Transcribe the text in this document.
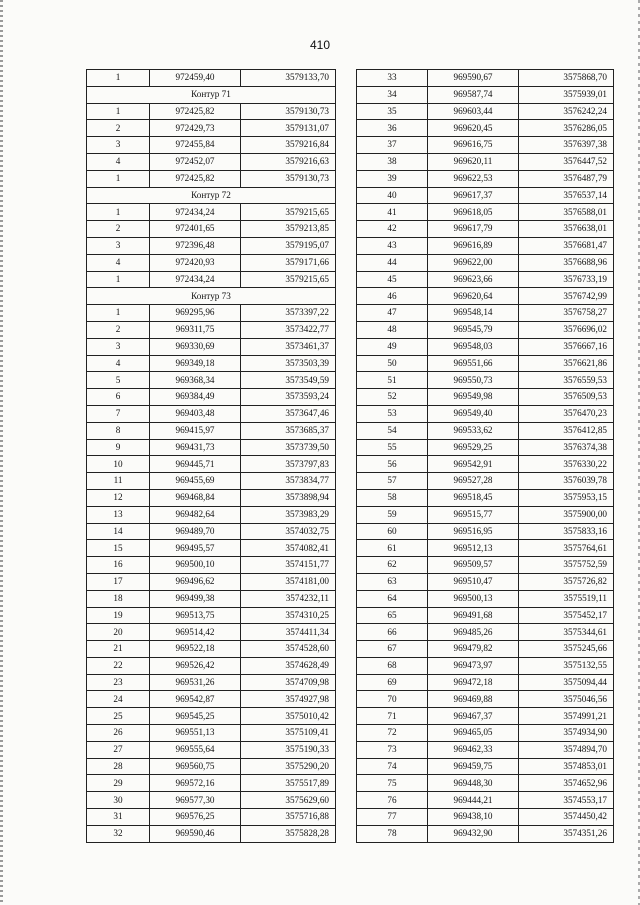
410
1	972459,40	3579133,70
Контур 71		
1	972425,82	3579130,73
2	972429,73	3579131,07
3	972455,84	3579216,84
4	972452,07	3579216,63
1	972425,82	3579130,73
Контур 72		
1	972434,24	3579215,65
2	972401,65	3579213,85
3	972396,48	3579195,07
4	972420,93	3579171,66
1	972434,24	3579215,65
Контур 73		
1	969295,96	3573397,22
2	969311,75	3573422,77
3	969330,69	3573461,37
4	969349,18	3573503,39
5	969368,34	3573549,59
6	969384,49	3573593,24
7	969403,48	3573647,46
8	969415,97	3573685,37
9	969431,73	3573739,50
10	969445,71	3573797,83
11	969455,69	3573834,77
12	969468,84	3573898,94
13	969482,64	3573983,29
14	969489,70	3574032,75
15	969495,57	3574082,41
16	969500,10	3574151,77
17	969496,62	3574181,00
18	969499,38	3574232,11
19	969513,75	3574310,25
20	969514,42	3574411,34
21	969522,18	3574528,60
22	969526,42	3574628,49
23	969531,26	3574709,98
24	969542,87	3574927,98
25	969545,25	3575010,42
26	969551,13	3575109,41
27	969555,64	3575190,33
28	969560,75	3575290,20
29	969572,16	3575517,89
30	969577,30	3575629,60
31	969576,25	3575716,88
32	969590,46	3575828,28
33	969590,67	3575868,70
34	969587,74	3575939,01
35	969603,44	3576242,24
36	969620,45	3576286,05
37	969616,75	3576397,38
38	969620,11	3576447,52
39	969622,53	3576487,79
40	969617,37	3576537,14
41	969618,05	3576588,01
42	969617,79	3576638,01
43	969616,89	3576681,47
44	969622,00	3576688,96
45	969623,66	3576733,19
46	969620,64	3576742,99
47	969548,14	3576758,27
48	969545,79	3576696,02
49	969548,03	3576667,16
50	969551,66	3576621,86
51	969550,73	3576559,53
52	969549,98	3576509,53
53	969549,40	3576470,23
54	969533,62	3576412,85
55	969529,25	3576374,38
56	969542,91	3576330,22
57	969527,28	3576039,78
58	969518,45	3575953,15
59	969515,77	3575900,00
60	969516,95	3575833,16
61	969512,13	3575764,61
62	969509,57	3575752,59
63	969510,47	3575726,82
64	969500,13	3575519,11
65	969491,68	3575452,17
66	969485,26	3575344,61
67	969479,82	3575245,66
68	969473,97	3575132,55
69	969472,18	3575094,44
70	969469,88	3575046,56
71	969467,37	3574991,21
72	969465,05	3574934,90
73	969462,33	3574894,70
74	969459,75	3574853,01
75	969448,30	3574652,96
76	969444,21	3574553,17
77	969438,10	3574450,42
78	969432,90	3574351,26
